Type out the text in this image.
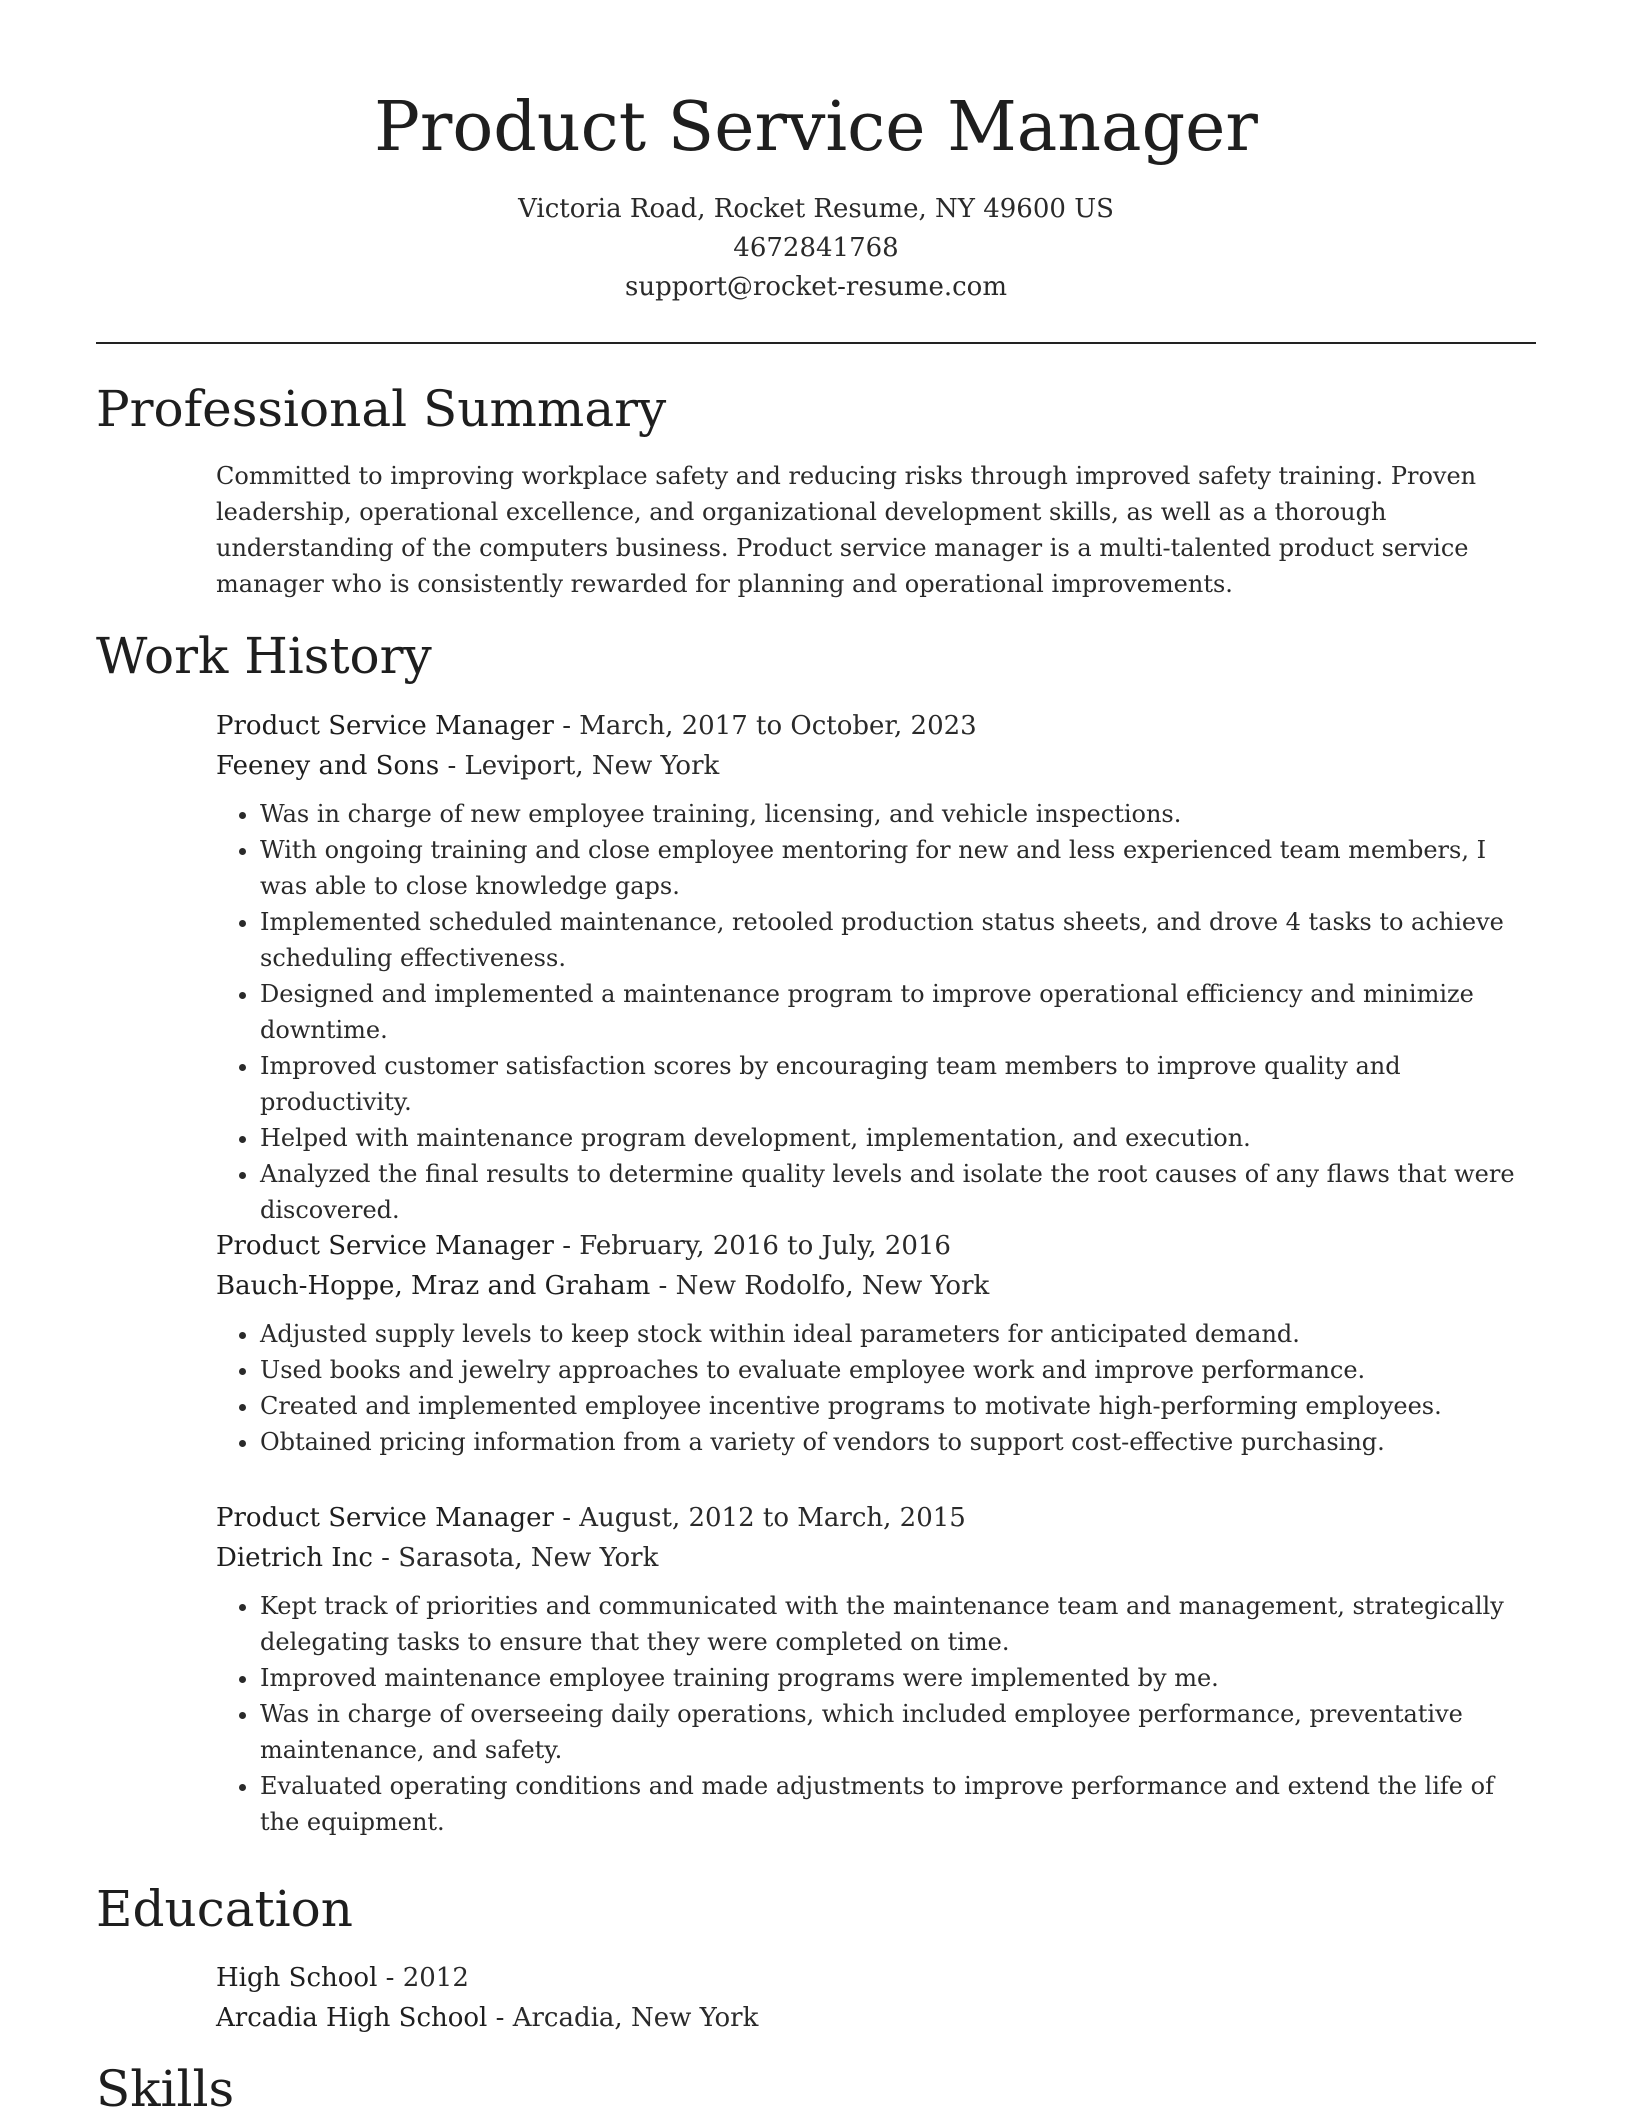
Product Service Manager

Victoria Road, Rocket Resume, NY 49600 US

4672841768

support@rocket-resume.com

Professional Summary

Committed to improving workplace safety and reducing risks through improved safety training. Proven leadership, operational excellence, and organizational development skills, as well as a thorough understanding of the computers business. Product service manager is a multi-talented product service manager who is consistently rewarded for planning and operational improvements.

Work History

Product Service Manager - March, 2017 to October, 2023

Feeney and Sons - Leviport, New York

• Was in charge of new employee training, licensing, and vehicle inspections.
• With ongoing training and close employee mentoring for new and less experienced team members, I was able to close knowledge gaps.
• Implemented scheduled maintenance, retooled production status sheets, and drove 4 tasks to achieve scheduling effectiveness.
• Designed and implemented a maintenance program to improve operational efficiency and minimize downtime.
• Improved customer satisfaction scores by encouraging team members to improve quality and productivity.
• Helped with maintenance program development, implementation, and execution.
• Analyzed the final results to determine quality levels and isolate the root causes of any flaws that were discovered.

Product Service Manager - February, 2016 to July, 2016

Bauch-Hoppe, Mraz and Graham - New Rodolfo, New York

• Adjusted supply levels to keep stock within ideal parameters for anticipated demand.
• Used books and jewelry approaches to evaluate employee work and improve performance.
• Created and implemented employee incentive programs to motivate high-performing employees.
• Obtained pricing information from a variety of vendors to support cost-effective purchasing.

Product Service Manager - August, 2012 to March, 2015

Dietrich Inc - Sarasota, New York

• Kept track of priorities and communicated with the maintenance team and management, strategically delegating tasks to ensure that they were completed on time.
• Improved maintenance employee training programs were implemented by me.
• Was in charge of overseeing daily operations, which included employee performance, preventative maintenance, and safety.
• Evaluated operating conditions and made adjustments to improve performance and extend the life of the equipment.
Education

High School - 2012

Arcadia High School - Arcadia, New York

Skills
